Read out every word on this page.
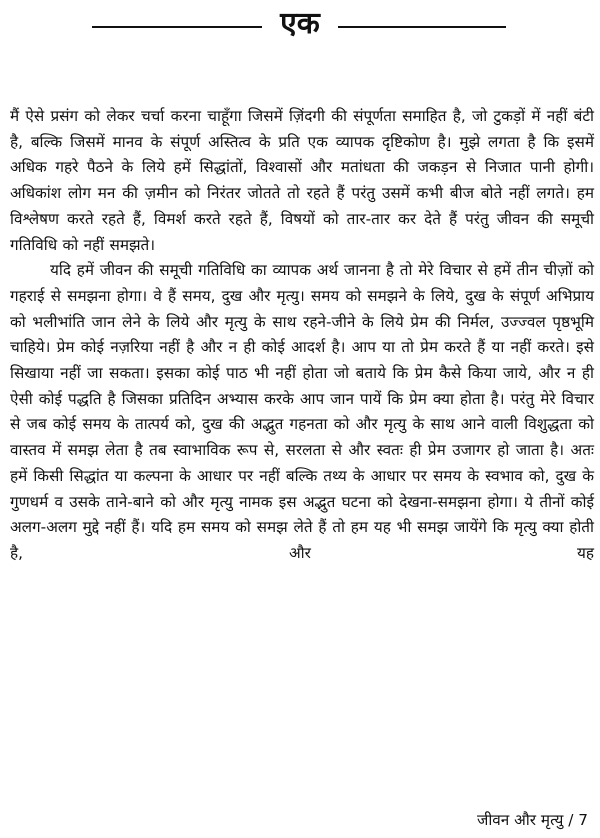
एक

मैं ऐसे प्रसंग को लेकर चर्चा करना चाहूँगा जिसमें ज़िंदगी की संपूर्णता समाहित है, जो टुकड़ों में नहीं बंटी है, बल्कि जिसमें मानव के संपूर्ण अस्तित्व के प्रति एक व्यापक दृष्टिकोण है। मुझे लगता है कि इसमें अधिक गहरे पैठने के लिये हमें सिद्धांतों, विश्वासों और मतांधता की जकड़न से निजात पानी होगी। अधिकांश लोग मन की ज़मीन को निरंतर जोतते तो रहते हैं परंतु उसमें कभी बीज बोते नहीं लगते। हम विश्लेषण करते रहते हैं, विमर्श करते रहते हैं, विषयों को तार-तार कर देते हैं परंतु जीवन की समूची गतिविधि को नहीं समझते।

यदि हमें जीवन की समूची गतिविधि का व्यापक अर्थ जानना है तो मेरे विचार से हमें तीन चीज़ों को गहराई से समझना होगा। वे हैं समय, दुख और मृत्यु। समय को समझने के लिये, दुख के संपूर्ण अभिप्राय को भलीभांति जान लेने के लिये और मृत्यु के साथ रहने-जीने के लिये प्रेम की निर्मल, उज्ज्वल पृष्ठभूमि चाहिये। प्रेम कोई नज़रिया नहीं है और न ही कोई आदर्श है। आप या तो प्रेम करते हैं या नहीं करते। इसे सिखाया नहीं जा सकता। इसका कोई पाठ भी नहीं होता जो बताये कि प्रेम कैसे किया जाये, और न ही ऐसी कोई पद्धति है जिसका प्रतिदिन अभ्यास करके आप जान पायें कि प्रेम क्या होता है। परंतु मेरे विचार से जब कोई समय के तात्पर्य को, दुख की अद्भुत गहनता को और मृत्यु के साथ आने वाली विशुद्धता को वास्तव में समझ लेता है तब स्वाभाविक रूप से, सरलता से और स्वतः ही प्रेम उजागर हो जाता है। अतः हमें किसी सिद्धांत या कल्पना के आधार पर नहीं बल्कि तथ्य के आधार पर समय के स्वभाव को, दुख के गुणधर्म व उसके ताने-बाने को और मृत्यु नामक इस अद्भुत घटना को देखना-समझना होगा। ये तीनों कोई अलग-अलग मुद्दे नहीं हैं। यदि हम समय को समझ लेते हैं तो हम यह भी समझ जायेंगे कि मृत्यु क्या होती है, और यह

जीवन और मृत्यु / 7
